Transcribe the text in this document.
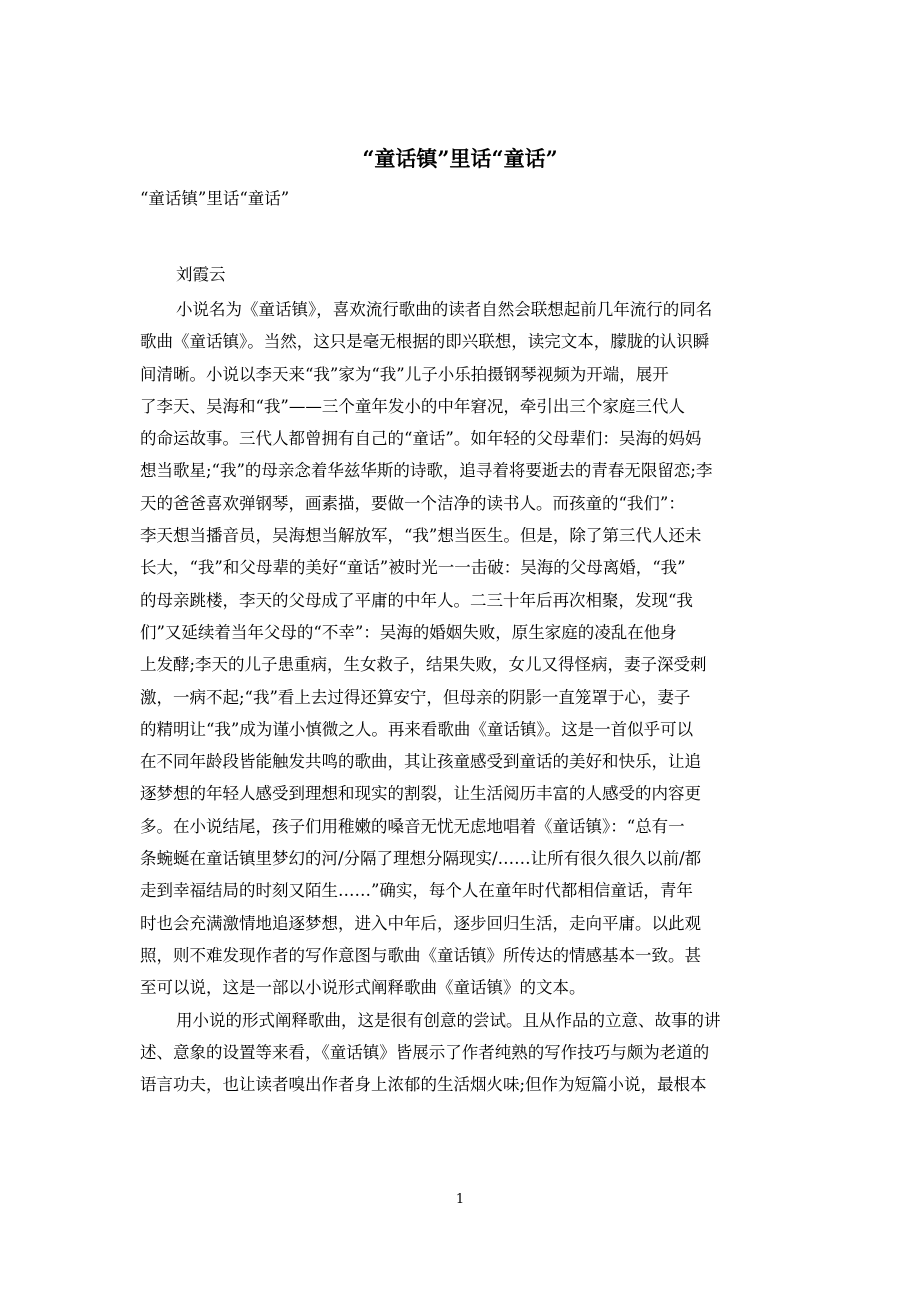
“童话镇”里话“童话”

“童话镇”里话“童话”

刘霞云

小说名为《童话镇》，喜欢流行歌曲的读者自然会联想起前几年流行的同名
歌曲《童话镇》。当然，这只是毫无根据的即兴联想，读完文本，朦胧的认识瞬
间清晰。小说以李天来“我”家为“我”儿子小乐拍摄钢琴视频为开端，展开
了李天、吴海和“我”——三个童年发小的中年窘况，牵引出三个家庭三代人
的命运故事。三代人都曾拥有自己的“童话”。如年轻的父母辈们：吴海的妈妈
想当歌星;“我”的母亲念着华兹华斯的诗歌，追寻着将要逝去的青春无限留恋;李
天的爸爸喜欢弹钢琴，画素描，要做一个洁净的读书人。而孩童的“我们”：
李天想当播音员，吴海想当解放军，“我”想当医生。但是，除了第三代人还未
长大，“我”和父母辈的美好“童话”被时光一一击破：吴海的父母离婚，“我”
的母亲跳楼，李天的父母成了平庸的中年人。二三十年后再次相聚，发现“我
们”又延续着当年父母的“不幸”：吴海的婚姻失败，原生家庭的凌乱在他身
上发酵;李天的儿子患重病，生女救子，结果失败，女儿又得怪病，妻子深受刺
激，一病不起;“我”看上去过得还算安宁，但母亲的阴影一直笼罩于心，妻子
的精明让“我”成为谨小慎微之人。再来看歌曲《童话镇》。这是一首似乎可以
在不同年龄段皆能触发共鸣的歌曲，其让孩童感受到童话的美好和快乐，让追
逐梦想的年轻人感受到理想和现实的割裂，让生活阅历丰富的人感受的内容更
多。在小说结尾，孩子们用稚嫩的嗓音无忧无虑地唱着《童话镇》：“总有一
条蜿蜒在童话镇里梦幻的河/分隔了理想分隔现实/……让所有很久很久以前/都
走到幸福结局的时刻又陌生……”确实，每个人在童年时代都相信童话，青年
时也会充满激情地追逐梦想，进入中年后，逐步回归生活，走向平庸。以此观
照，则不难发现作者的写作意图与歌曲《童话镇》所传达的情感基本一致。甚
至可以说，这是一部以小说形式阐释歌曲《童话镇》的文本。
用小说的形式阐释歌曲，这是很有创意的尝试。且从作品的立意、故事的讲
述、意象的设置等来看，《童话镇》皆展示了作者纯熟的写作技巧与颇为老道的
语言功夫，也让读者嗅出作者身上浓郁的生活烟火味;但作为短篇小说，最根本
1
